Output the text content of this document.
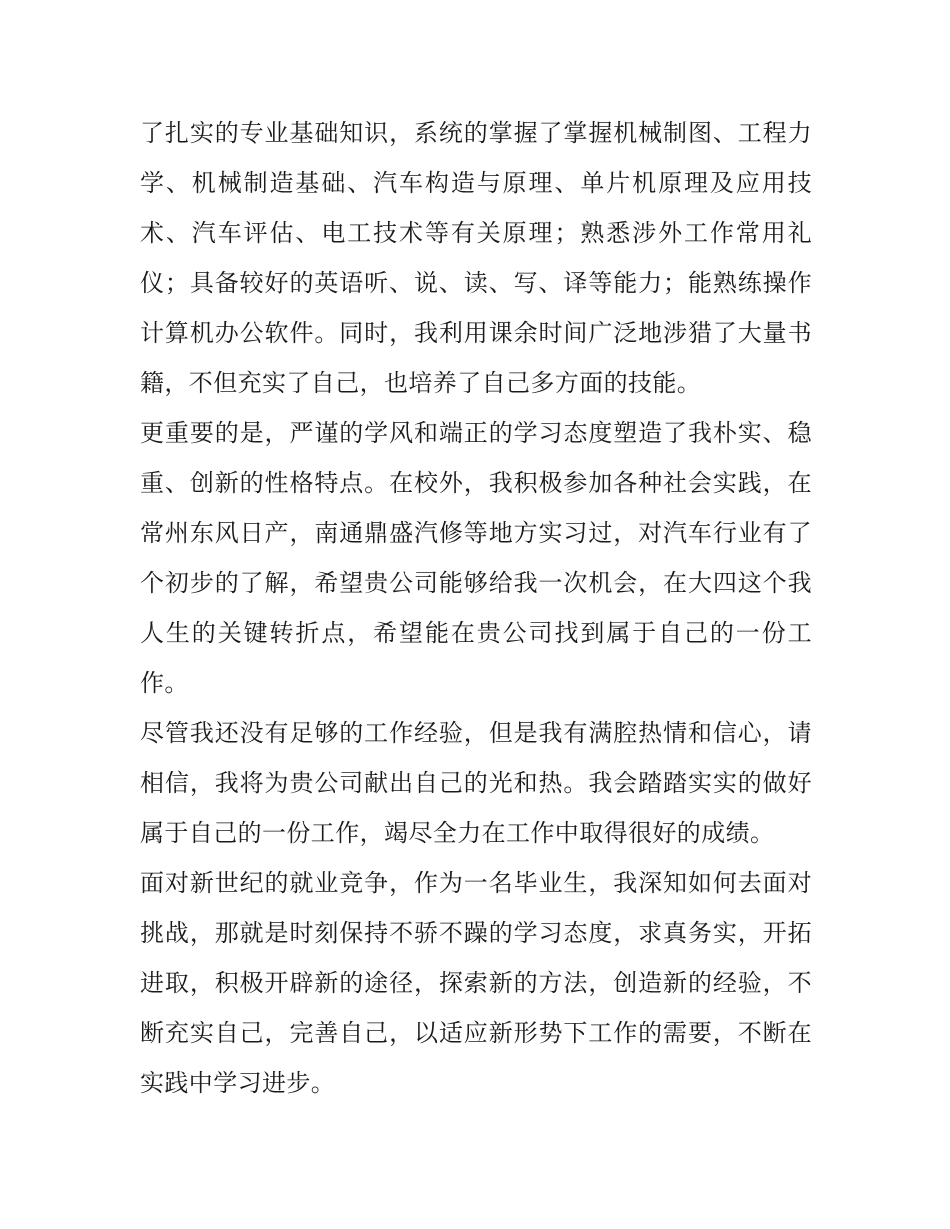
了扎实的专业基础知识，系统的掌握了掌握机械制图、工程力学、机械制造基础、汽车构造与原理、单片机原理及应用技术、汽车评估、电工技术等有关原理；熟悉涉外工作常用礼仪；具备较好的英语听、说、读、写、译等能力；能熟练操作计算机办公软件。同时，我利用课余时间广泛地涉猎了大量书籍，不但充实了自己，也培养了自己多方面的技能。

更重要的是，严谨的学风和端正的学习态度塑造了我朴实、稳重、创新的性格特点。在校外，我积极参加各种社会实践，在常州东风日产，南通鼎盛汽修等地方实习过，对汽车行业有了个初步的了解，希望贵公司能够给我一次机会，在大四这个我人生的关键转折点，希望能在贵公司找到属于自己的一份工作。

尽管我还没有足够的工作经验，但是我有满腔热情和信心，请相信，我将为贵公司献出自己的光和热。我会踏踏实实的做好属于自己的一份工作，竭尽全力在工作中取得很好的成绩。

面对新世纪的就业竞争，作为一名毕业生，我深知如何去面对挑战，那就是时刻保持不骄不躁的学习态度，求真务实，开拓进取，积极开辟新的途径，探索新的方法，创造新的经验，不断充实自己，完善自己，以适应新形势下工作的需要，不断在实践中学习进步。
